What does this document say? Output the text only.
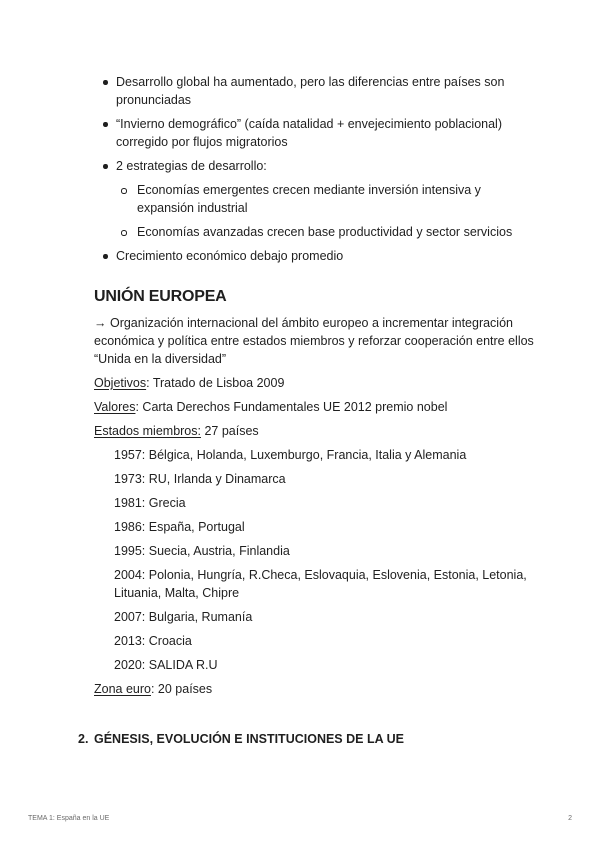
Desarrollo global ha aumentado, pero las diferencias entre países son pronunciadas
“Invierno demográfico” (caída natalidad + envejecimiento poblacional) corregido por flujos migratorios
2 estrategias de desarrollo:
Economías emergentes crecen mediante inversión intensiva y expansión industrial
Economías avanzadas crecen base productividad y sector servicios
Crecimiento económico debajo promedio
UNIÓN EUROPEA

→ Organización internacional del ámbito europeo a incrementar integración económica y política entre estados miembros y reforzar cooperación entre ellos “Unida en la diversidad”

Objetivos: Tratado de Lisboa 2009

Valores: Carta Derechos Fundamentales UE 2012 premio nobel

Estados miembros: 27 países

1957: Bélgica, Holanda, Luxemburgo, Francia, Italia y Alemania
1973: RU, Irlanda y Dinamarca
1981: Grecia
1986: España, Portugal
1995: Suecia, Austria, Finlandia
2004: Polonia, Hungría, R.Checa, Eslovaquia, Eslovenia, Estonia, Letonia, Lituania, Malta, Chipre
2007: Bulgaria, Rumanía
2013: Croacia
2020: SALIDA R.U

Zona euro: 20 países

2. GÉNESIS, EVOLUCIÓN E INSTITUCIONES DE LA UE
TEMA 1: España en la UE	2
